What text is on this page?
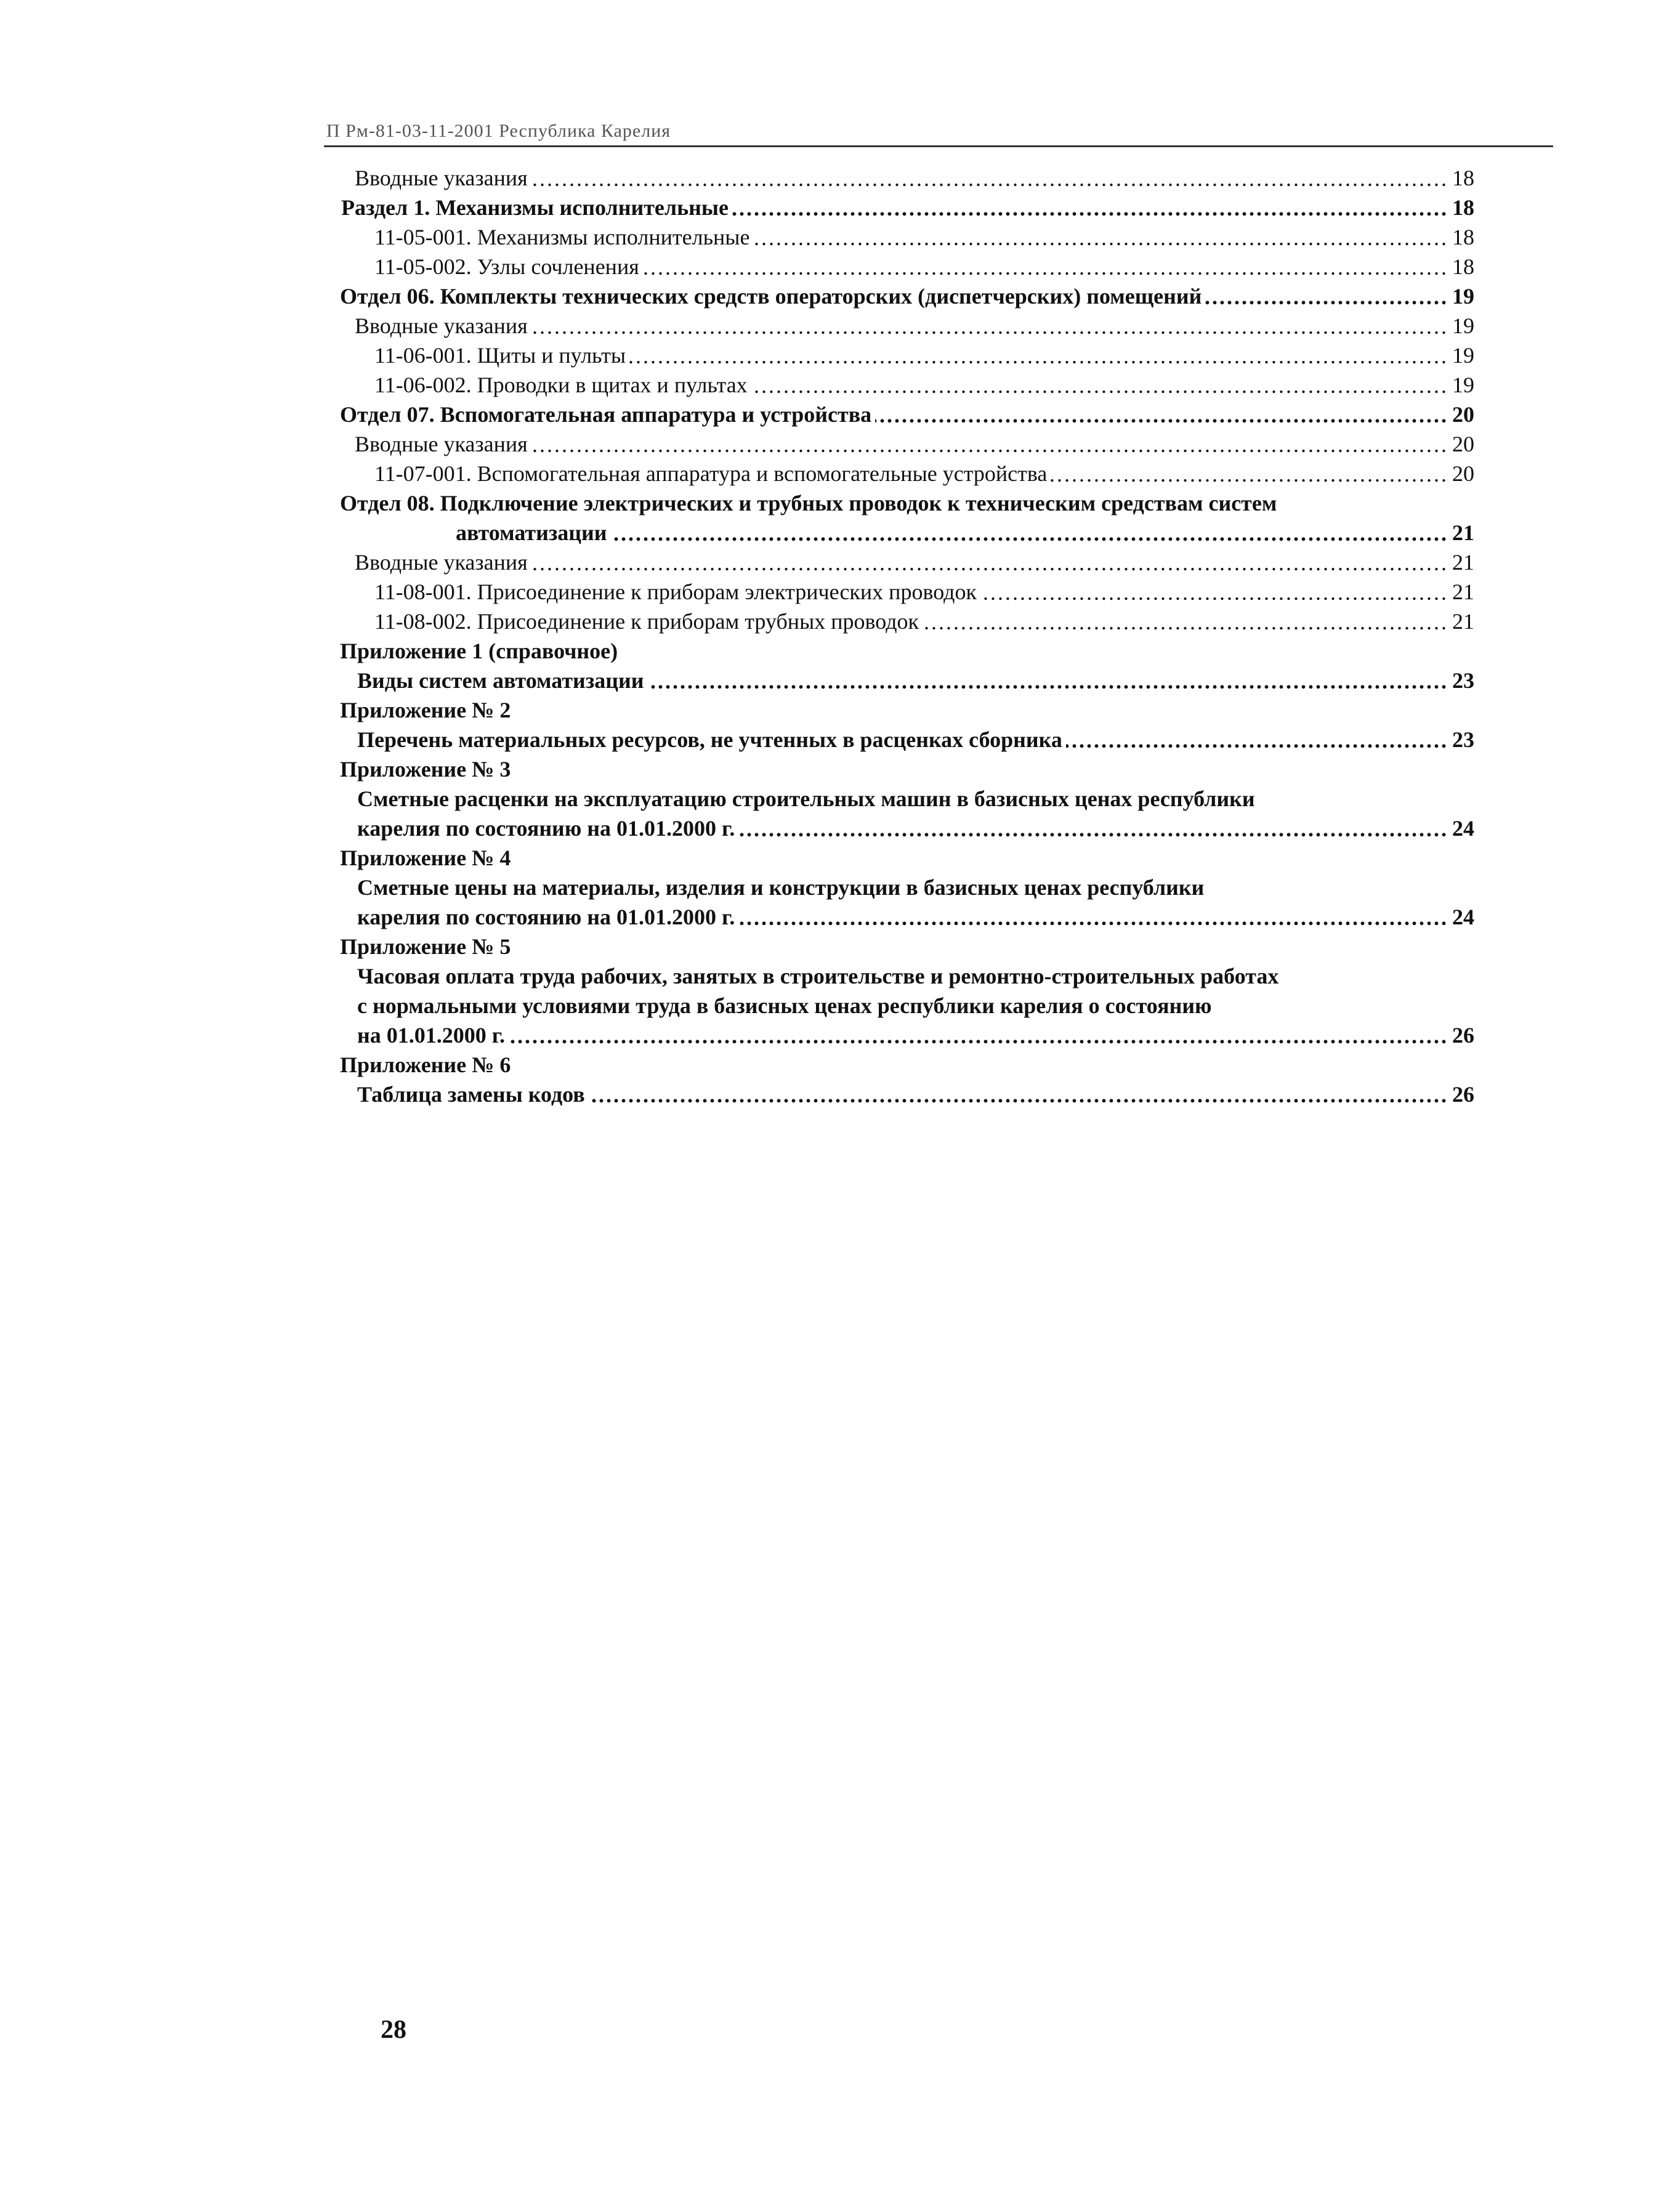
П Рм-81-03-11-2001 Республика Карелия
Вводные указания .....	18
Раздел 1. Механизмы исполнительные .....	18
11-05-001. Механизмы исполнительные .....	18
11-05-002. Узлы сочленения .....	18
Отдел 06. Комплекты технических средств операторских (диспетчерских) помещений .....	19
Вводные указания .....	19
11-06-001. Щиты и пульты .....	19
11-06-002. Проводки в щитах и пультах .....	19
Отдел 07. Вспомогательная аппаратура и устройства .....	20
Вводные указания .....	20
11-07-001. Вспомогательная аппаратура и вспомогательные устройства .....	20
Отдел 08. Подключение электрических и трубных проводок к техническим средствам систем
автоматизации .....	21
Вводные указания .....	21
11-08-001. Присоединение к приборам электрических проводок .....	21
11-08-002. Присоединение к приборам трубных проводок .....	21
Приложение 1 (справочное)
Виды систем автоматизации .....	23
Приложение № 2
Перечень материальных ресурсов, не учтенных в расценках сборника .....	23
Приложение № 3
Сметные расценки на эксплуатацию строительных машин в базисных ценах республики
карелия по состоянию на 01.01.2000 г. .....	24
Приложение № 4
Сметные цены на материалы, изделия и конструкции в базисных ценах республики
карелия по состоянию на 01.01.2000 г. .....	24
Приложение № 5
Часовая оплата труда рабочих, занятых в строительстве и ремонтно-строительных работах
с нормальными условиями труда в базисных ценах республики карелия о состоянию
на 01.01.2000 г. .....	26
Приложение № 6
Таблица замены кодов .....	26
28
